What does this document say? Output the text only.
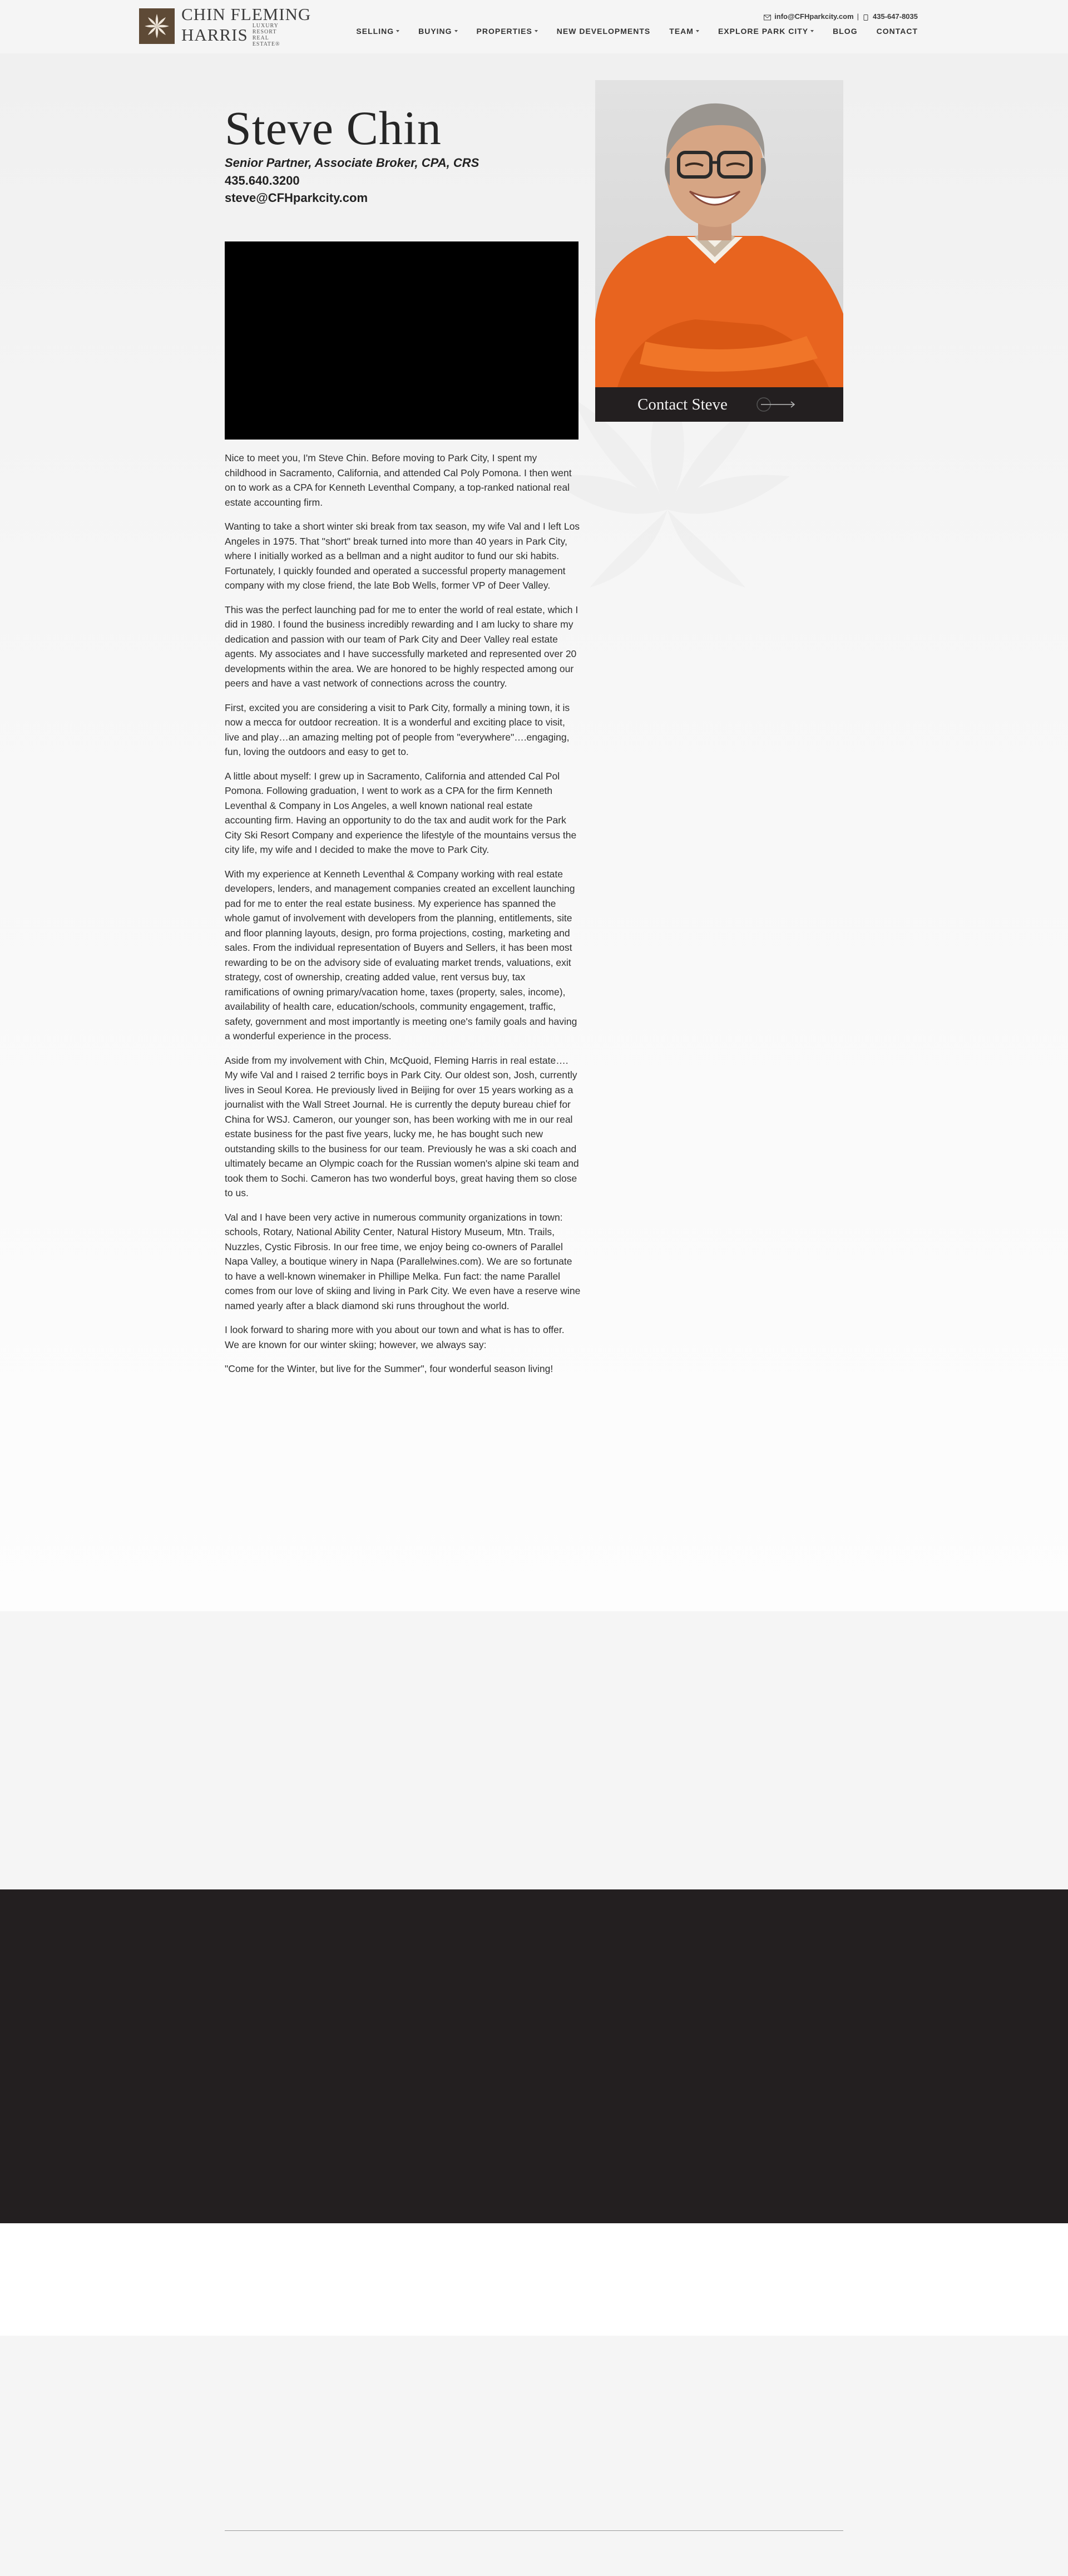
CHIN FLEMING
HARRIS LUXURY RESORT REAL ESTATE®
info@CFHparkcity.com | 435-647-8035
SELLING	BUYING	PROPERTIES	NEW DEVELOPMENTS TEAM	EXPLORE PARK CITY	BLOG CONTACT
Steve Chin
Senior Partner, Associate Broker, CPA, CRS
435.640.3200
steve@CFHparkcity.com
Contact Steve

Nice to meet you, I'm Steve Chin. Before moving to Park City, I spent my childhood in Sacramento, California, and attended Cal Poly Pomona. I then went on to work as a CPA for Kenneth Leventhal Company, a top-ranked national real estate accounting firm.

Wanting to take a short winter ski break from tax season, my wife Val and I left Los Angeles in 1975. That "short" break turned into more than 40 years in Park City, where I initially worked as a bellman and a night auditor to fund our ski habits. Fortunately, I quickly founded and operated a successful property management company with my close friend, the late Bob Wells, former VP of Deer Valley.

This was the perfect launching pad for me to enter the world of real estate, which I did in 1980. I found the business incredibly rewarding and I am lucky to share my dedication and passion with our team of Park City and Deer Valley real estate agents. My associates and I have successfully marketed and represented over 20 developments within the area. We are honored to be highly respected among our peers and have a vast network of connections across the country.

First, excited you are considering a visit to Park City, formally a mining town, it is now a mecca for outdoor recreation. It is a wonderful and exciting place to visit, live and play…an amazing melting pot of people from "everywhere"….engaging, fun, loving the outdoors and easy to get to.

A little about myself: I grew up in Sacramento, California and attended Cal Pol Pomona. Following graduation, I went to work as a CPA for the firm Kenneth Leventhal & Company in Los Angeles, a well known national real estate accounting firm. Having an opportunity to do the tax and audit work for the Park City Ski Resort Company and experience the lifestyle of the mountains versus the city life, my wife and I decided to make the move to Park City.

With my experience at Kenneth Leventhal & Company working with real estate developers, lenders, and management companies created an excellent launching pad for me to enter the real estate business. My experience has spanned the whole gamut of involvement with developers from the planning, entitlements, site and floor planning layouts, design, pro forma projections, costing, marketing and sales. From the individual representation of Buyers and Sellers, it has been most rewarding to be on the advisory side of evaluating market trends, valuations, exit strategy, cost of ownership, creating added value, rent versus buy, tax ramifications of owning primary/vacation home, taxes (property, sales, income), availability of health care, education/schools, community engagement, traffic, safety, government and most importantly is meeting one's family goals and having a wonderful experience in the process.

Aside from my involvement with Chin, McQuoid, Fleming Harris in real estate…. My wife Val and I raised 2 terrific boys in Park City. Our oldest son, Josh, currently lives in Seoul Korea. He previously lived in Beijing for over 15 years working as a journalist with the Wall Street Journal. He is currently the deputy bureau chief for China for WSJ. Cameron, our younger son, has been working with me in our real estate business for the past five years, lucky me, he has bought such new outstanding skills to the business for our team. Previously he was a ski coach and ultimately became an Olympic coach for the Russian women's alpine ski team and took them to Sochi. Cameron has two wonderful boys, great having them so close to us.

Val and I have been very active in numerous community organizations in town: schools, Rotary, National Ability Center, Natural History Museum, Mtn. Trails, Nuzzles, Cystic Fibrosis. In our free time, we enjoy being co-owners of Parallel Napa Valley, a boutique winery in Napa (Parallelwines.com). We are so fortunate to have a well-known winemaker in Phillipe Melka. Fun fact: the name Parallel comes from our love of skiing and living in Park City. We even have a reserve wine named yearly after a black diamond ski runs throughout the world.

I look forward to sharing more with you about our town and what is has to offer. We are known for our winter skiing; however, we always say:

"Come for the Winter, but live for the Summer", four wonderful season living!
